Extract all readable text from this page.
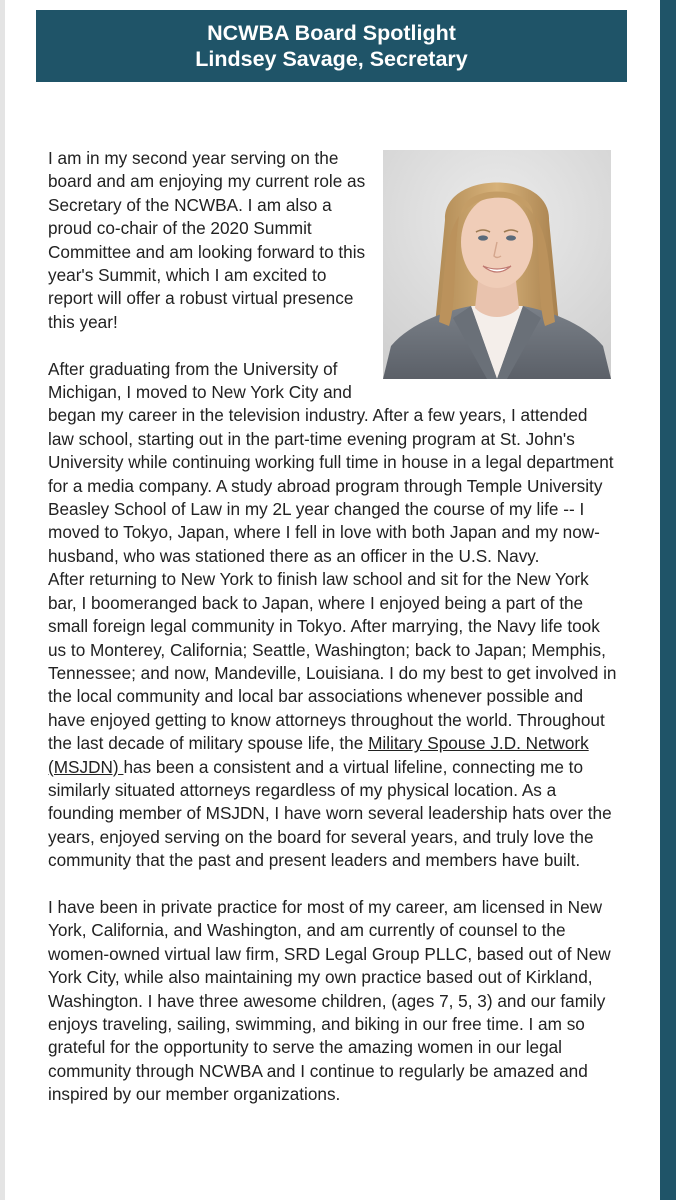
NCWBA Board Spotlight
Lindsey Savage, Secretary

I am in my second year serving on the board and am enjoying my current role as Secretary of the NCWBA. I am also a proud co-chair of the 2020 Summit Committee and am looking forward to this year's Summit, which I am excited to report will offer a robust virtual presence this year!

After graduating from the University of Michigan, I moved to New York City and began my career in the television industry. After a few years, I attended law school, starting out in the part-time evening program at St. John's University while continuing working full time in house in a legal department for a media company. A study abroad program through Temple University Beasley School of Law in my 2L year changed the course of my life -- I moved to Tokyo, Japan, where I fell in love with both Japan and my now-husband, who was stationed there as an officer in the U.S. Navy.

After returning to New York to finish law school and sit for the New York bar, I boomeranged back to Japan, where I enjoyed being a part of the small foreign legal community in Tokyo. After marrying, the Navy life took us to Monterey, California; Seattle, Washington; back to Japan; Memphis, Tennessee; and now, Mandeville, Louisiana. I do my best to get involved in the local community and local bar associations whenever possible and have enjoyed getting to know attorneys throughout the world. Throughout the last decade of military spouse life, the Military Spouse J.D. Network (MSJDN) has been a consistent and a virtual lifeline, connecting me to similarly situated attorneys regardless of my physical location. As a founding member of MSJDN, I have worn several leadership hats over the years, enjoyed serving on the board for several years, and truly love the community that the past and present leaders and members have built.

I have been in private practice for most of my career, am licensed in New York, California, and Washington, and am currently of counsel to the women-owned virtual law firm, SRD Legal Group PLLC, based out of New York City, while also maintaining my own practice based out of Kirkland, Washington. I have three awesome children, (ages 7, 5, 3) and our family enjoys traveling, sailing, swimming, and biking in our free time. I am so grateful for the opportunity to serve the amazing women in our legal community through NCWBA and I continue to regularly be amazed and inspired by our member organizations.
